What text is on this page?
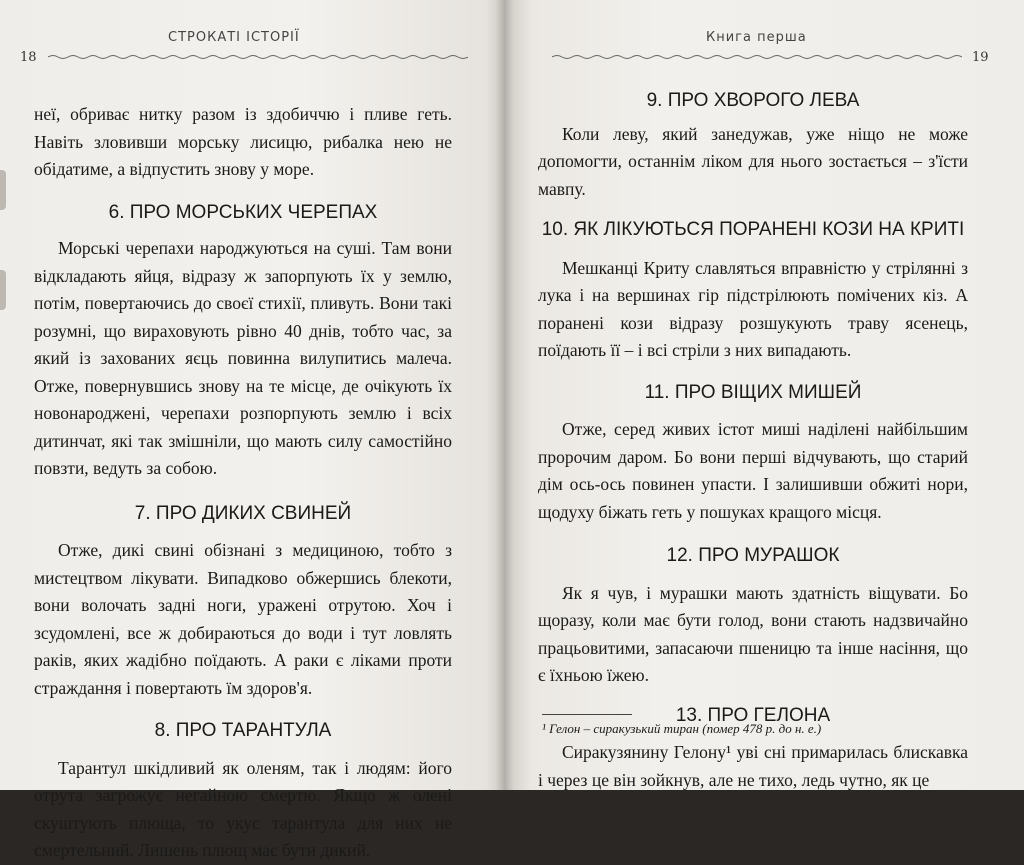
СТРОКАТІ ІСТОРІЇ
18

неї, обриває нитку разом із здобиччю і пливе геть. Навіть зловивши морську лисицю, рибалка нею не обідатиме, а відпустить знову у море.

6. ПРО МОРСЬКИХ ЧЕРЕПАХ

Морські черепахи народжуються на суші. Там вони відкладають яйця, відразу ж запорпують їх у землю, потім, повертаючись до своєї стихії, пливуть. Вони такі розумні, що вираховують рівно 40 днів, тобто час, за який із захованих яєць повинна вилупитись малеча. Отже, повернувшись знову на те місце, де очікують їх новонароджені, черепахи розпорпують землю і всіх дитинчат, які так змішніли, що мають силу самостійно повзти, ведуть за собою.

7. ПРО ДИКИХ СВИНЕЙ

Отже, дикі свині обізнані з медициною, тобто з мистецтвом лікувати. Випадково обжершись блекоти, вони волочать задні ноги, уражені отрутою. Хоч і зсудомлені, все ж добираються до води і тут ловлять раків, яких жадібно поїдають. А раки є ліками проти страждання і повертають їм здоров'я.

8. ПРО ТАРАНТУЛА

Тарантул шкідливий як оленям, так і людям: його отрута загрожує негайною смертю. Якщо ж олені скуштують плюща, то укус тарантула для них не смертельний. Лишень плющ має бути дикий.

Книга перша
19
9. ПРО ХВОРОГО ЛЕВА

Коли леву, який занедужав, уже ніщо не може допомогти, останнім ліком для нього зостається – з'їсти мавпу.

10. ЯК ЛІКУЮТЬСЯ ПОРАНЕНІ КОЗИ НА КРИТІ

Мешканці Криту славляться вправністю у стрілянні з лука і на вершинах гір підстрілюють помічених кіз. А поранені кози відразу розшукують траву ясенець, поїдають її – і всі стріли з них випадають.

11. ПРО ВІЩИХ МИШЕЙ

Отже, серед живих істот миші наділені найбільшим пророчим даром. Бо вони перші відчувають, що старий дім ось-ось повинен упасти. І залишивши обжиті нори, щодуху біжать геть у пошуках кращого місця.

12. ПРО МУРАШОК

Як я чув, і мурашки мають здатність віщувати. Бо щоразу, коли має бути голод, вони стають надзвичайно працьовитими, запасаючи пшеницю та інше насіння, що є їхньою їжею.

13. ПРО ГЕЛОНА

Сиракузянину Гелону¹ уві сні примарилась блискавка і через це він зойкнув, але не тихо, ледь чутно, як це

¹ Гелон – сиракузький тиран (помер 478 р. до н. е.)
